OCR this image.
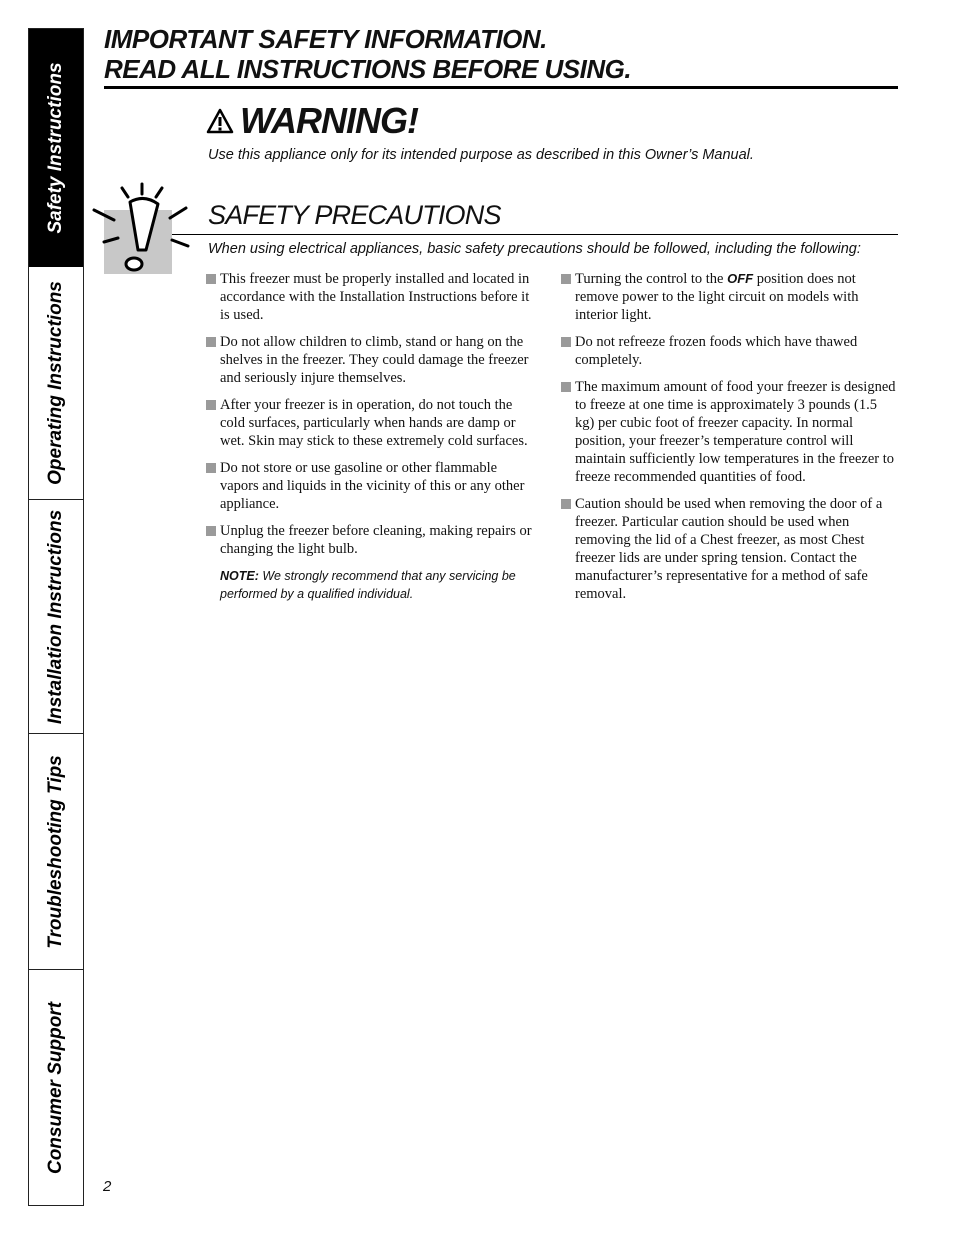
Safety Instructions
Operating Instructions
Installation Instructions
Troubleshooting Tips
Consumer Support
IMPORTANT SAFETY INFORMATION.
READ ALL INSTRUCTIONS BEFORE USING.
WARNING!
Use this appliance only for its intended purpose as described in this Owner’s Manual.
SAFETY PRECAUTIONS
When using electrical appliances, basic safety precautions should be followed, including the following:
This freezer must be properly installed and located in accordance with the Installation Instructions before it is used.
Do not allow children to climb, stand or hang on the shelves in the freezer. They could damage the freezer and seriously injure themselves.
After your freezer is in operation, do not touch the cold surfaces, particularly when hands are damp or wet. Skin may stick to these extremely cold surfaces.
Do not store or use gasoline or other flammable vapors and liquids in the vicinity of this or any other appliance.
Unplug the freezer before cleaning, making repairs or changing the light bulb.
NOTE: We strongly recommend that any servicing be performed by a qualified individual.
Turning the control to the OFF position does not remove power to the light circuit on models with interior light.
Do not refreeze frozen foods which have thawed completely.
The maximum amount of food your freezer is designed to freeze at one time is approximately 3 pounds (1.5 kg) per cubic foot of freezer capacity. In normal position, your freezer’s temperature control will maintain sufficiently low temperatures in the freezer to freeze recommended quantities of food.
Caution should be used when removing the door of a freezer. Particular caution should be used when removing the lid of a Chest freezer, as most Chest freezer lids are under spring tension. Contact the manufacturer’s representative for a method of safe removal.
2
